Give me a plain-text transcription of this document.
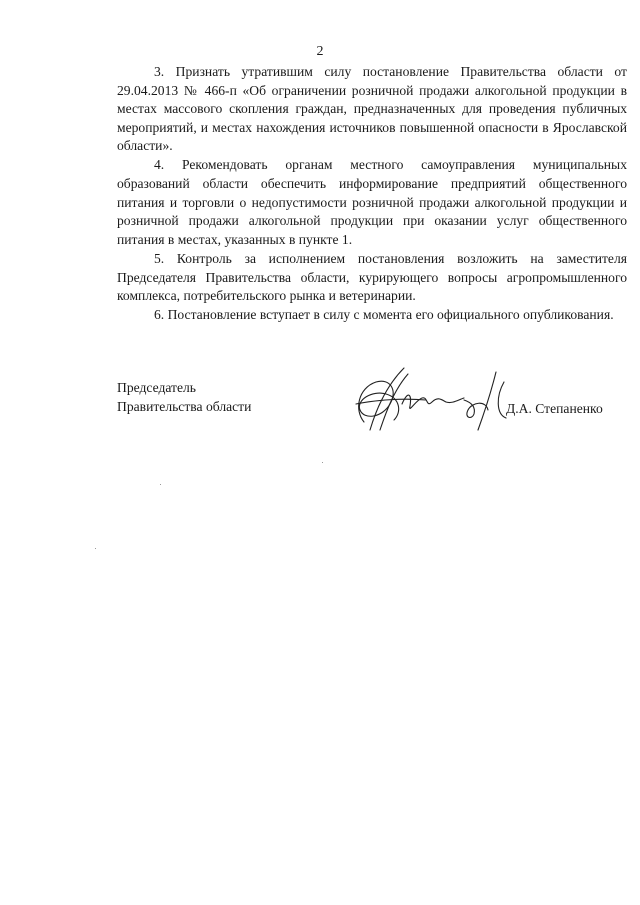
2

3. Признать утратившим силу постановление Правительства области от 29.04.2013 № 466-п «Об ограничении розничной продажи алкогольной продукции в местах массового скопления граждан, предназначенных для проведения публичных мероприятий, и местах нахождения источников повышенной опасности в Ярославской области».

4. Рекомендовать органам местного самоуправления муниципальных образований области обеспечить информирование предприятий общественного питания и торговли о недопустимости розничной продажи алкогольной продукции и розничной продажи алкогольной продукции при оказании услуг общественного питания в местах, указанных в пункте 1.

5. Контроль за исполнением постановления возложить на заместителя Председателя Правительства области, курирующего вопросы агропромышленного комплекса, потребительского рынка и ветеринарии.

6. Постановление вступает в силу с момента его официального опубликования.

Председатель
Правительства области	Д.А. Степаненко
